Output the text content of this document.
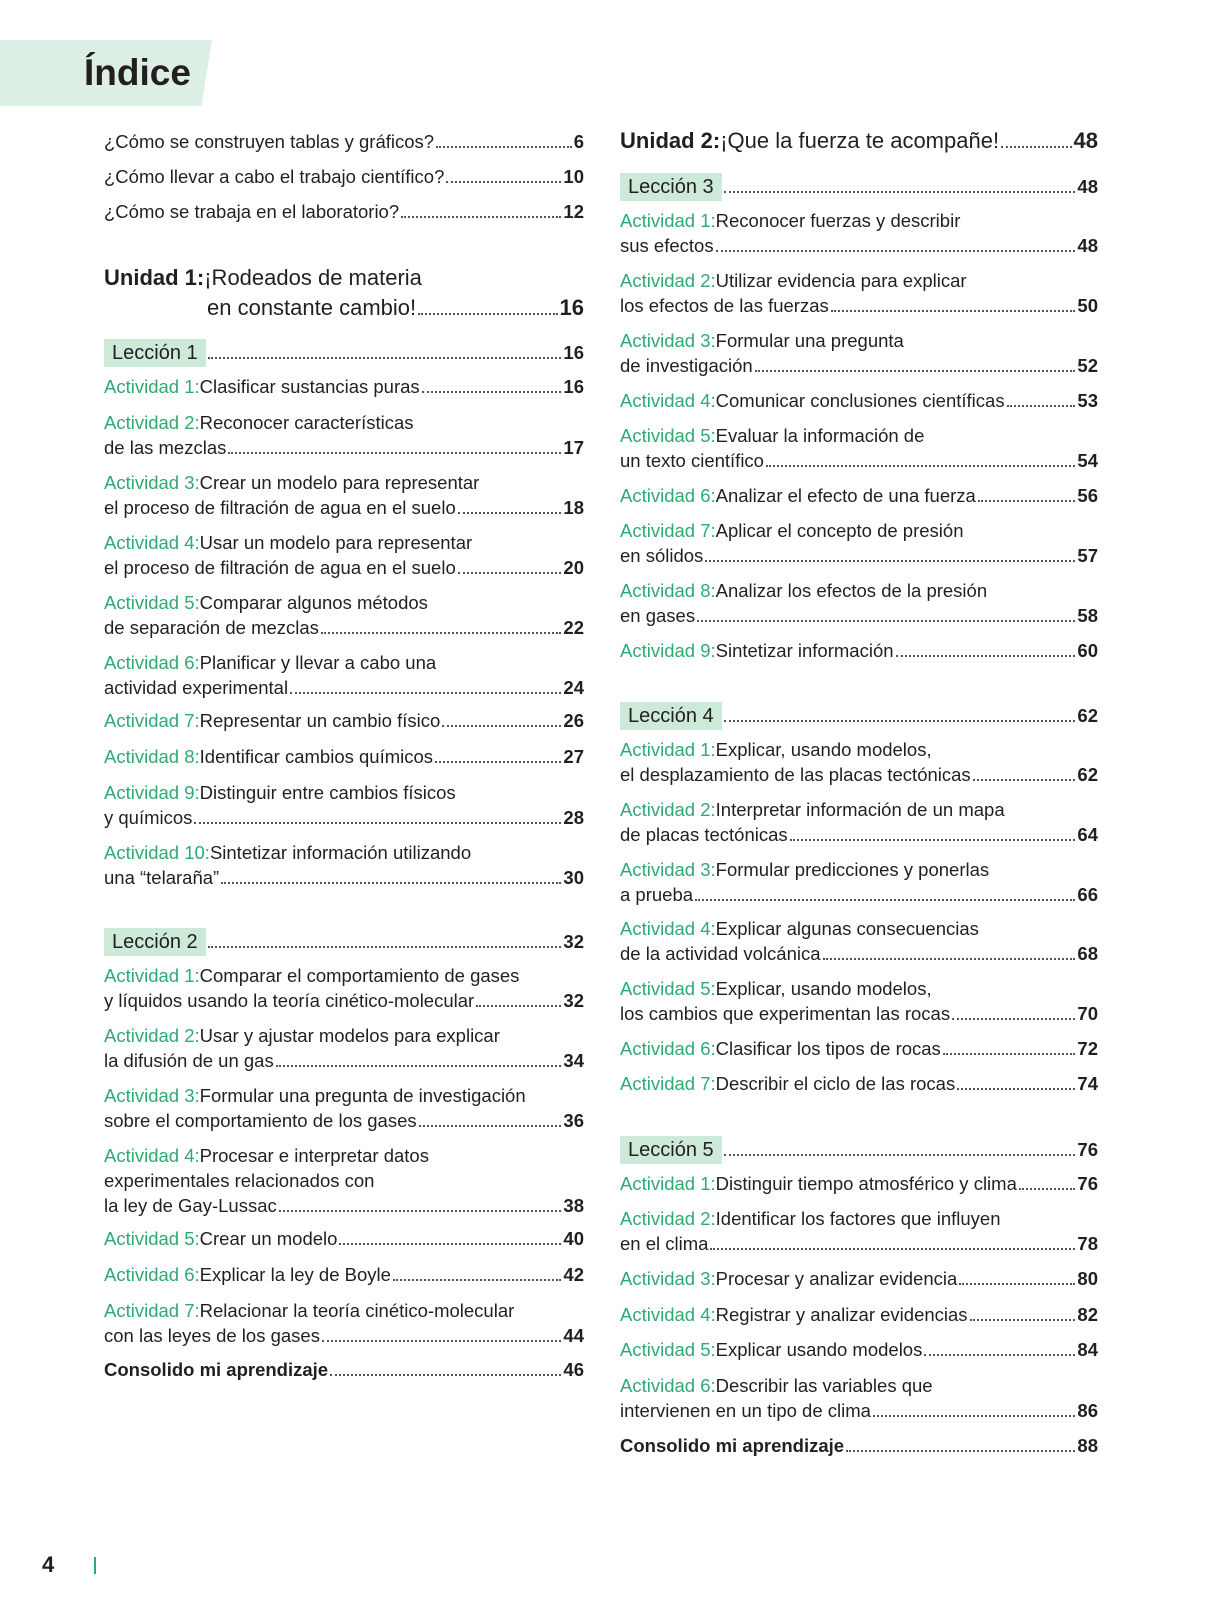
Índice
¿Cómo se construyen tablas y gráficos?	6
¿Cómo llevar a cabo el trabajo científico?	10
¿Cómo se trabaja en el laboratorio?	12
Unidad 1: ¡Rodeados de materia
en constante cambio!	16
Lección 1	16
Actividad 1: Clasificar sustancias puras	16
Actividad 2: Reconocer características
de las mezclas	17
Actividad 3: Crear un modelo para representar
el proceso de filtración de agua en el suelo	18
Actividad 4: Usar un modelo para representar
el proceso de filtración de agua en el suelo	20
Actividad 5: Comparar algunos métodos
de separación de mezclas	22
Actividad 6: Planificar y llevar a cabo una
actividad experimental	24
Actividad 7: Representar un cambio físico	26
Actividad 8: Identificar cambios químicos	27
Actividad 9: Distinguir entre cambios físicos
y químicos	28
Actividad 10: Sintetizar información utilizando
una “telaraña”	30
Lección 2	32
Actividad 1: Comparar el comportamiento de gases
y líquidos usando la teoría cinético-molecular	32
Actividad 2: Usar y ajustar modelos para explicar
la difusión de un gas	34
Actividad 3: Formular una pregunta de investigación
sobre el comportamiento de los gases	36
Actividad 4: Procesar e interpretar datos
experimentales relacionados con
la ley de Gay-Lussac	38
Actividad 5: Crear un modelo	40
Actividad 6: Explicar la ley de Boyle	42
Actividad 7: Relacionar la teoría cinético-molecular
con las leyes de los gases	44
Consolido mi aprendizaje	46
Unidad 2: ¡Que la fuerza te acompañe!	48
Lección 3	48
Actividad 1: Reconocer fuerzas y describir
sus efectos	48
Actividad 2: Utilizar evidencia para explicar
los efectos de las fuerzas	50
Actividad 3: Formular una pregunta
de investigación	52
Actividad 4: Comunicar conclusiones científicas	53
Actividad 5: Evaluar la información de
un texto científico	54
Actividad 6: Analizar el efecto de una fuerza	56
Actividad 7: Aplicar el concepto de presión
en sólidos	57
Actividad 8: Analizar los efectos de la presión
en gases	58
Actividad 9: Sintetizar información	60
Lección 4	62
Actividad 1: Explicar, usando modelos,
el desplazamiento de las placas tectónicas	62
Actividad 2: Interpretar información de un mapa
de placas tectónicas	64
Actividad 3: Formular predicciones y ponerlas
a prueba	66
Actividad 4: Explicar algunas consecuencias
de la actividad volcánica	68
Actividad 5: Explicar, usando modelos,
los cambios que experimentan las rocas	70
Actividad 6: Clasificar los tipos de rocas	72
Actividad 7: Describir el ciclo de las rocas	74
Lección 5	76
Actividad 1: Distinguir tiempo atmosférico y clima	76
Actividad 2: Identificar los factores que influyen
en el clima	78
Actividad 3: Procesar y analizar evidencia	80
Actividad 4: Registrar y analizar evidencias	82
Actividad 5: Explicar usando modelos	84
Actividad 6: Describir las variables que
intervienen en un tipo de clima	86
Consolido mi aprendizaje	88
4
